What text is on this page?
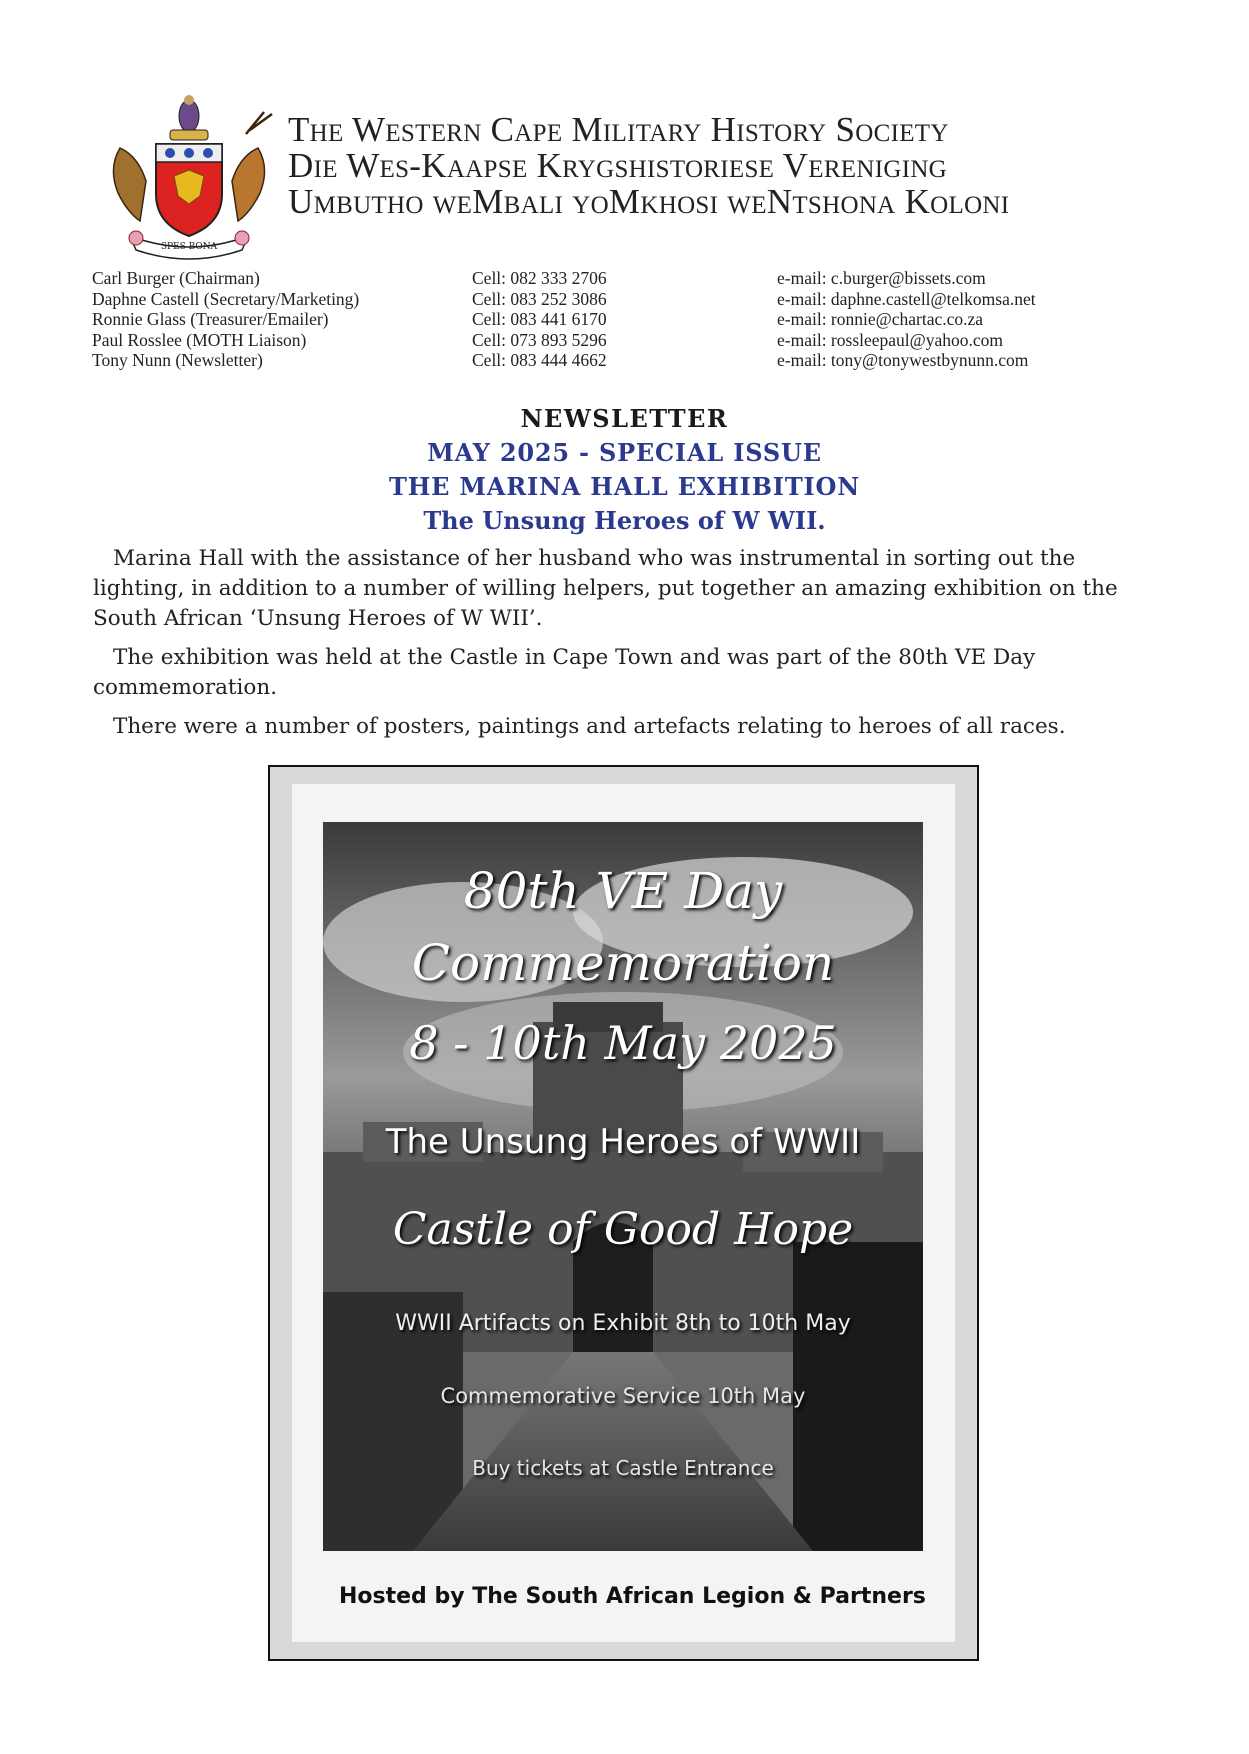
SPES BONA
The Western Cape Military History Society
Die Wes-Kaapse Krygshistoriese Vereniging
Umbutho weMbali yoMkhosi weNtshona Koloni
Carl Burger (Chairman)	Cell: 082 333 2706	e-mail: c.burger@bissets.com
Daphne Castell (Secretary/Marketing)	Cell: 083 252 3086	e-mail: daphne.castell@telkomsa.net
Ronnie Glass (Treasurer/Emailer)	Cell: 083 441 6170	e-mail: ronnie@chartac.co.za
Paul Rosslee (MOTH Liaison)	Cell: 073 893 5296	e-mail: rossleepaul@yahoo.com
Tony Nunn (Newsletter)	Cell: 083 444 4662	e-mail: tony@tonywestbynunn.com
NEWSLETTER
MAY 2025 - SPECIAL ISSUE
THE MARINA HALL EXHIBITION
The Unsung Heroes of W WII.

Marina Hall with the assistance of her husband who was instrumental in sorting out the lighting, in addition to a number of willing helpers, put together an amazing exhibition on the South African ‘Unsung Heroes of W WII’.

The exhibition was held at the Castle in Cape Town and was part of the 80th VE Day commemoration.

There were a number of posters, paintings and artefacts relating to heroes of all races.

80th VE Day
Commemoration
8 - 10th May 2025
The Unsung Heroes of WWII
Castle of Good Hope
WWII Artifacts on Exhibit 8th to 10th May
Commemorative Service 10th May
Buy tickets at Castle Entrance
Hosted by The South African Legion & Partners
